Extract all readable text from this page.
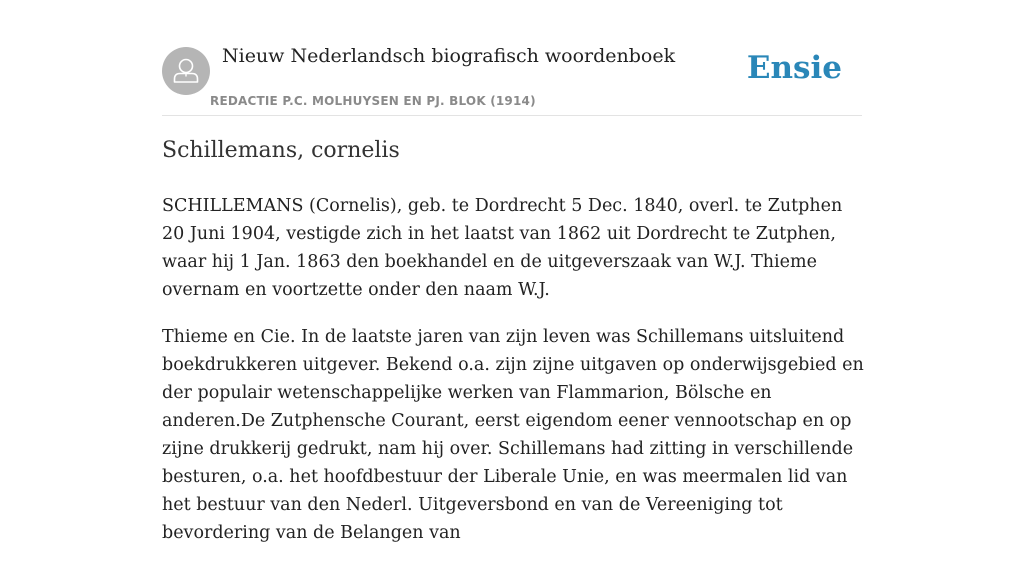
Nieuw Nederlandsch biografisch woordenboek
REDACTIE P.C. MOLHUYSEN EN PJ. BLOK (1914)
Ensie
Schillemans, cornelis

SCHILLEMANS (Cornelis), geb. te Dordrecht 5 Dec. 1840, overl. te Zutphen 20 Juni 1904, vestigde zich in het laatst van 1862 uit Dordrecht te Zutphen, waar hij 1 Jan. 1863 den boekhandel en de uitgeverszaak van W.J. Thieme overnam en voortzette onder den naam W.J.

Thieme en Cie. In de laatste jaren van zijn leven was Schillemans uitsluitend boekdrukkeren uitgever. Bekend o.a. zijn zijne uitgaven op onderwijsgebied en der populair wetenschappelijke werken van Flammarion, Bölsche en anderen.De Zutphensche Courant, eerst eigendom eener vennootschap en op zijne drukkerij gedrukt, nam hij over. Schillemans had zitting in verschillende besturen, o.a. het hoofdbestuur der Liberale Unie, en was meermalen lid van het bestuur van den Nederl. Uitgeversbond en van de Vereeniging tot bevordering van de Belangen van
